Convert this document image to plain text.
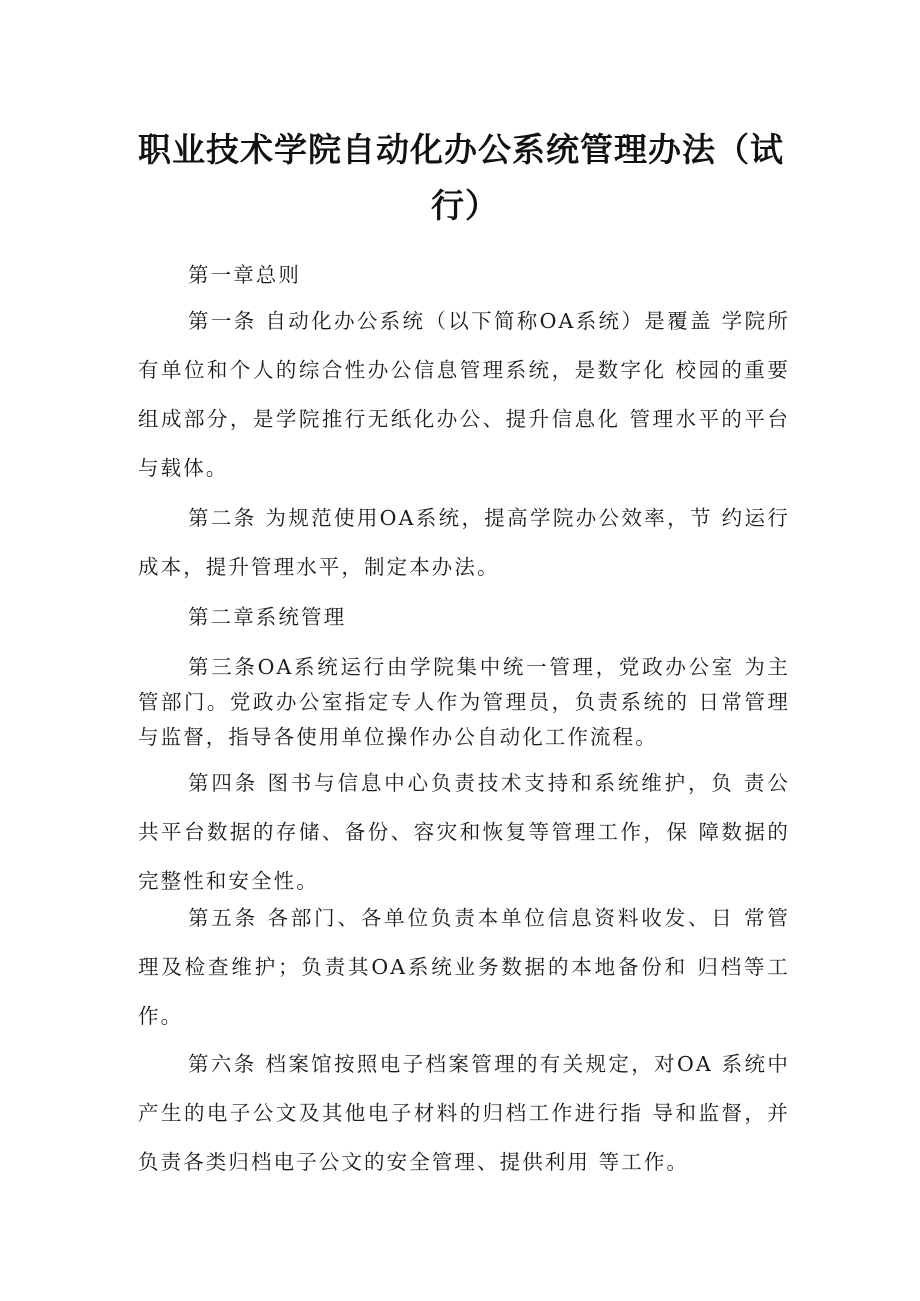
职业技术学院自动化办公系统管理办法（试
行）

第一章总则

第一条 自动化办公系统（以下简称OA系统）是覆盖 学院所有单位和个人的综合性办公信息管理系统，是数字化 校园的重要组成部分，是学院推行无纸化办公、提升信息化 管理水平的平台与载体。

第二条 为规范使用OA系统，提高学院办公效率，节 约运行成本，提升管理水平，制定本办法。

第二章系统管理

第三条OA系统运行由学院集中统一管理，党政办公室 为主管部门。党政办公室指定专人作为管理员，负责系统的 日常管理与监督，指导各使用单位操作办公自动化工作流程。

第四条 图书与信息中心负责技术支持和系统维护，负 责公共平台数据的存储、备份、容灾和恢复等管理工作，保 障数据的完整性和安全性。

第五条 各部门、各单位负责本单位信息资料收发、日 常管理及检查维护；负责其OA系统业务数据的本地备份和 归档等工作。

第六条 档案馆按照电子档案管理的有关规定，对OA 系统中产生的电子公文及其他电子材料的归档工作进行指 导和监督，并负责各类归档电子公文的安全管理、提供利用 等工作。
